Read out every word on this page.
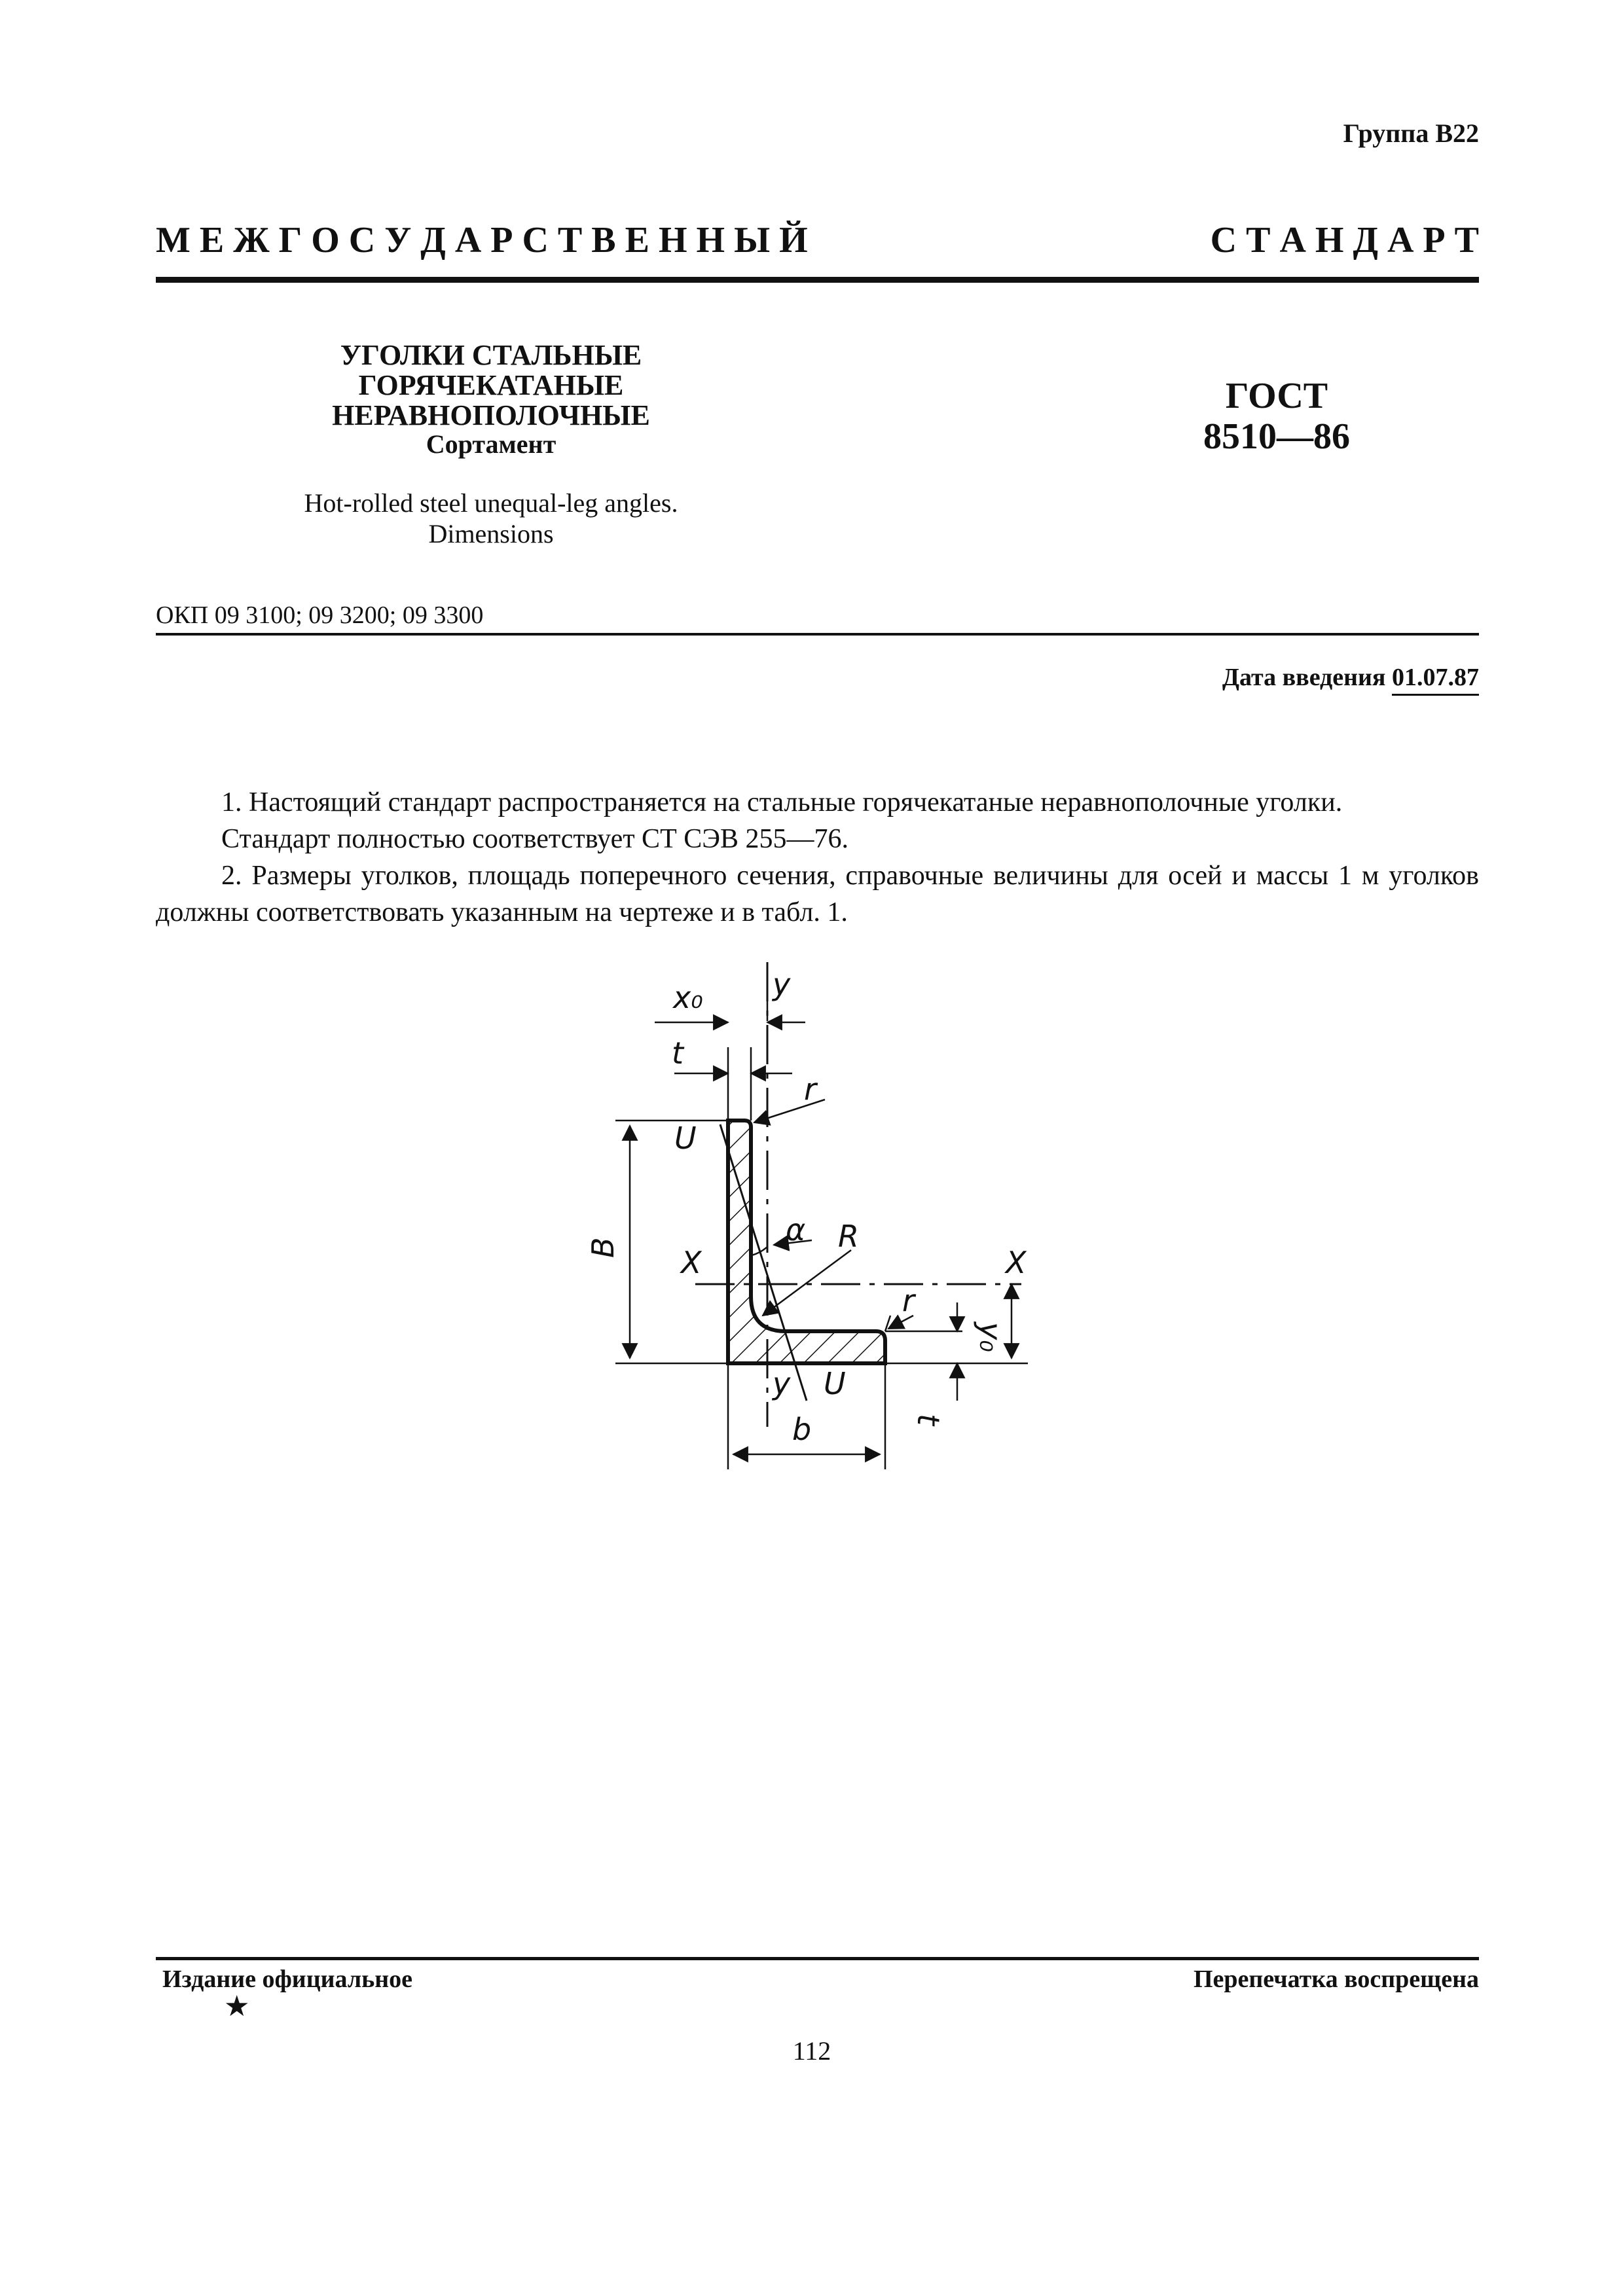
Группа В22
М Е Ж Г О С У Д А Р С Т В Е Н Н Ы Й	С Т А Н Д А Р Т
УГОЛКИ СТАЛЬНЫЕ ГОРЯЧЕКАТАНЫЕ
НЕРАВНОПОЛОЧНЫЕ
Сортамент
Hot-rolled steel unequal-leg angles.
Dimensions
ГОСТ
8510—86
ОКП 09 3100; 09 3200; 09 3300
Дата введения 01.07.87
1. Настоящий стандарт распространяется на стальные горячекатаные неравнополочные уголки.
Стандарт полностью соответствует СТ СЭВ 255—76.
2. Размеры уголков, площадь поперечного сечения, справочные величины для осей и массы 1 м уголков должны соответствовать указанным на чертеже и в табл. 1.
x₀ y
t
r
U
B X
α R
X
r
y₀
y U
t
b
Издание официальное
★
Перепечатка воспрещена
112
